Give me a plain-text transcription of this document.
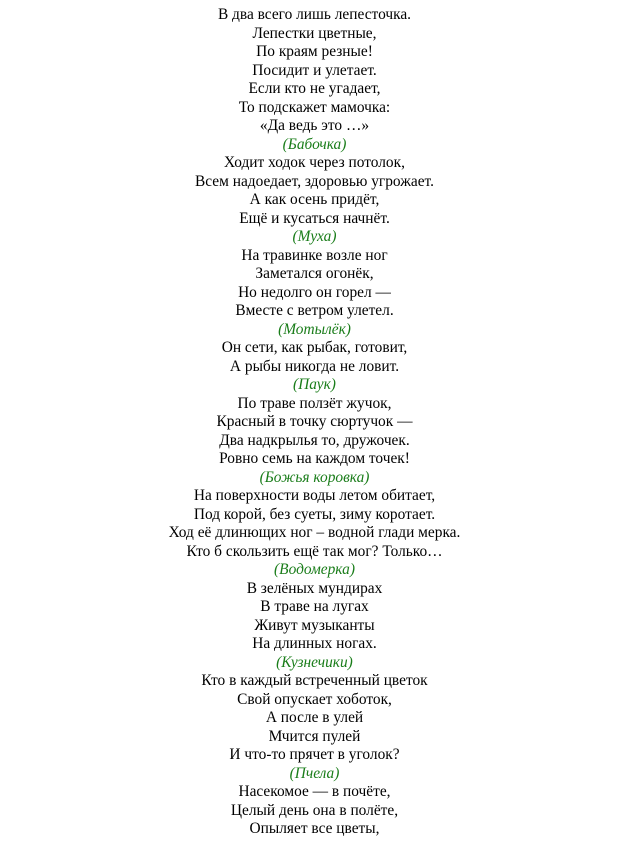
В два всего лишь лепесточка.
Лепестки цветные,
По краям резные!
Посидит и улетает.
Если кто не угадает,
То подскажет мамочка:
«Да ведь это …»
(Бабочка)
Ходит ходок через потолок,
Всем надоедает, здоровью угрожает.
А как осень придёт,
Ещё и кусаться начнёт.
(Муха)
На травинке возле ног
Заметался огонёк,
Но недолго он горел —
Вместе с ветром улетел.
(Мотылёк)
Он сети, как рыбак, готовит,
А рыбы никогда не ловит.
(Паук)
По траве ползёт жучок,
Красный в точку сюртучок —
Два надкрылья то, дружочек.
Ровно семь на каждом точек!
(Божья коровка)
На поверхности воды летом обитает,
Под корой, без суеты, зиму коротает.
Ход её длинющих ног – водной глади мерка.
Кто б скользить ещё так мог? Только…
(Водомерка)
В зелёных мундирах
В траве на лугах
Живут музыканты
На длинных ногах.
(Кузнечики)
Кто в каждый встреченный цветок
Свой опускает хоботок,
А после в улей
Мчится пулей
И что-то прячет в уголок?
(Пчела)
Насекомое — в почёте,
Целый день она в полёте,
Опыляет все цветы,
